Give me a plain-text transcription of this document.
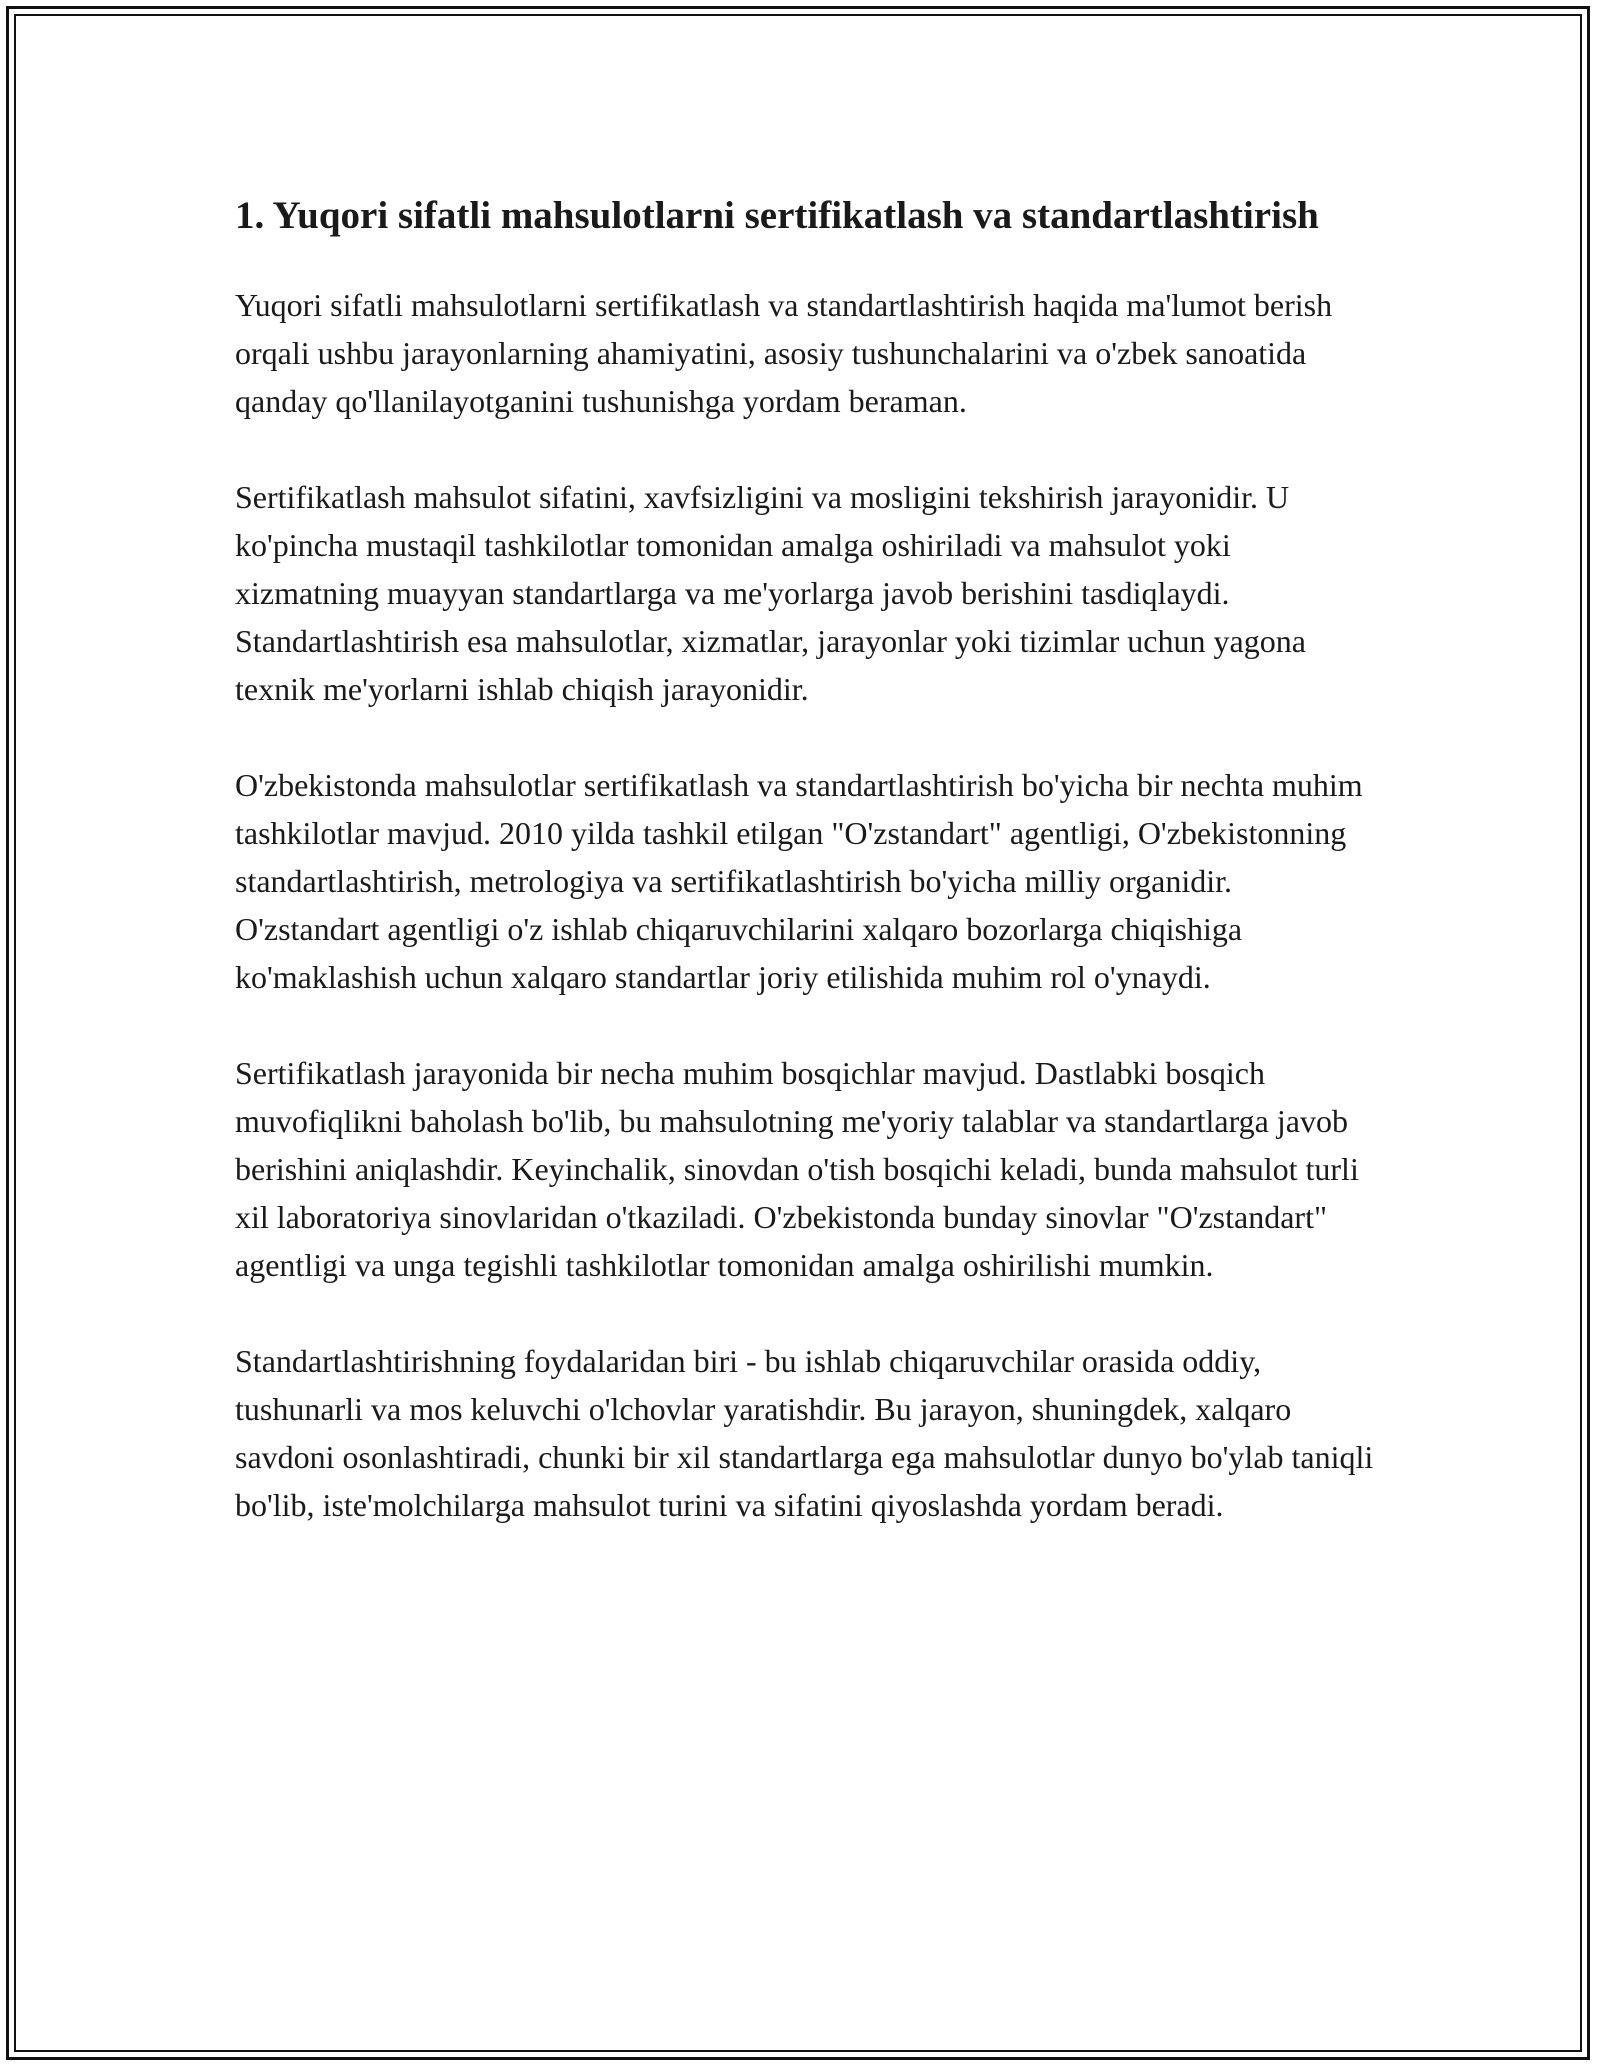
1. Yuqori sifatli mahsulotlarni sertifikatlash va standartlashtirish

Yuqori sifatli mahsulotlarni sertifikatlash va standartlashtirish haqida ma'lumot berish orqali ushbu jarayonlarning ahamiyatini, asosiy tushunchalarini va o'zbek sanoatida qanday qo'llanilayotganini tushunishga yordam beraman.

Sertifikatlash mahsulot sifatini, xavfsizligini va mosligini tekshirish jarayonidir. U ko'pincha mustaqil tashkilotlar tomonidan amalga oshiriladi va mahsulot yoki xizmatning muayyan standartlarga va me'yorlarga javob berishini tasdiqlaydi. Standartlashtirish esa mahsulotlar, xizmatlar, jarayonlar yoki tizimlar uchun yagona texnik me'yorlarni ishlab chiqish jarayonidir.

O'zbekistonda mahsulotlar sertifikatlash va standartlashtirish bo'yicha bir nechta muhim tashkilotlar mavjud. 2010 yilda tashkil etilgan "O'zstandart" agentligi, O'zbekistonning standartlashtirish, metrologiya va sertifikatlashtirish bo'yicha milliy organidir. O'zstandart agentligi o'z ishlab chiqaruvchilarini xalqaro bozorlarga chiqishiga ko'maklashish uchun xalqaro standartlar joriy etilishida muhim rol o'ynaydi.

Sertifikatlash jarayonida bir necha muhim bosqichlar mavjud. Dastlabki bosqich muvofiqlikni baholash bo'lib, bu mahsulotning me'yoriy talablar va standartlarga javob berishini aniqlashdir. Keyinchalik, sinovdan o'tish bosqichi keladi, bunda mahsulot turli xil laboratoriya sinovlaridan o'tkaziladi. O'zbekistonda bunday sinovlar "O'zstandart" agentligi va unga tegishli tashkilotlar tomonidan amalga oshirilishi mumkin.

Standartlashtirishning foydalaridan biri - bu ishlab chiqaruvchilar orasida oddiy, tushunarli va mos keluvchi o'lchovlar yaratishdir. Bu jarayon, shuningdek, xalqaro savdoni osonlashtiradi, chunki bir xil standartlarga ega mahsulotlar dunyo bo'ylab taniqli bo'lib, iste'molchilarga mahsulot turini va sifatini qiyoslashda yordam beradi.
